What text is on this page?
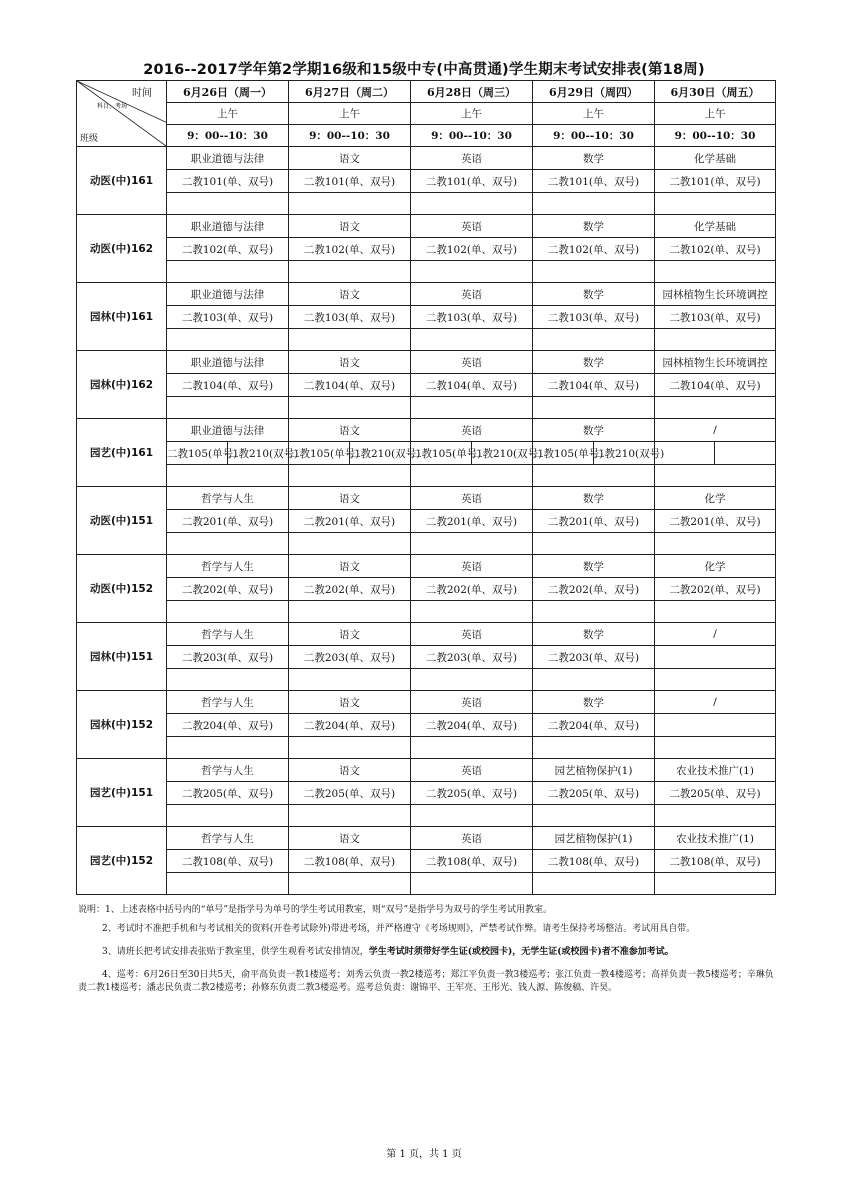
2016--2017学年第2学期16级和15级中专(中高贯通)学生期末考试安排表(第18周)
时间
科目、考场
班级	6月26日（周一）		6月27日（周二）		6月28日（周三）		6月29日（周四）		6月30日（周五）	
	上午		上午		上午		上午		上午	
	9：00--10：30		9：00--10：30		9：00--10：30		9：00--10：30		9：00--10：30	
动医(中)161	职业道德与法律		语文		英语		数学		化学基础	
	二教101(单、双号)		二教101(单、双号)		二教101(单、双号)		二教101(单、双号)		二教101(单、双号)	

动医(中)162	职业道德与法律		语文		英语		数学		化学基础	
	二教102(单、双号)		二教102(单、双号)		二教102(单、双号)		二教102(单、双号)		二教102(单、双号)	

园林(中)161	职业道德与法律		语文		英语		数学		园林植物生长环境调控	
	二教103(单、双号)		二教103(单、双号)		二教103(单、双号)		二教103(单、双号)		二教103(单、双号)	

园林(中)162	职业道德与法律		语文		英语		数学		园林植物生长环境调控	
	二教104(单、双号)		二教104(单、双号)		二教104(单、双号)		二教104(单、双号)		二教104(单、双号)	

园艺(中)161	职业道德与法律		语文		英语		数学		/	
	二教105(单号)	二教210(双号)	二教105(单号)	二教210(双号)	二教105(单号)	二教210(双号)	二教105(单号)	二教210(双号)		

动医(中)151	哲学与人生		语文		英语		数学		化学	
	二教201(单、双号)		二教201(单、双号)		二教201(单、双号)		二教201(单、双号)		二教201(单、双号)	

动医(中)152	哲学与人生		语文		英语		数学		化学	
	二教202(单、双号)		二教202(单、双号)		二教202(单、双号)		二教202(单、双号)		二教202(单、双号)	

园林(中)151	哲学与人生		语文		英语		数学		/	
	二教203(单、双号)		二教203(单、双号)		二教203(单、双号)		二教203(单、双号)			

园林(中)152	哲学与人生		语文		英语		数学		/	
	二教204(单、双号)		二教204(单、双号)		二教204(单、双号)		二教204(单、双号)			

园艺(中)151	哲学与人生		语文		英语		园艺植物保护(1)		农业技术推广(1)	
	二教205(单、双号)		二教205(单、双号)		二教205(单、双号)		二教205(单、双号)		二教205(单、双号)	

园艺(中)152	哲学与人生		语文		英语		园艺植物保护(1)		农业技术推广(1)	
	二教108(单、双号)		二教108(单、双号)		二教108(单、双号)		二教108(单、双号)		二教108(单、双号)	

说明：1、上述表格中括号内的“单号”是指学号为单号的学生考试用教室，则“双号”是指学号为双号的学生考试用教室。
2、考试时不准把手机和与考试相关的资料(开卷考试除外)带进考场，并严格遵守《考场规则》，严禁考试作弊。请考生保持考场整洁。考试用具自带。
3、请班长把考试安排表张贴于教室里，供学生观看考试安排情况，学生考试时须带好学生证(或校园卡)，无学生证(或校园卡)者不准参加考试。
4、巡考：6月26日至30日共5天，俞平高负责一教1楼巡考；刘秀云负责一教2楼巡考；郑江平负责一教3楼巡考；张江负责一教4楼巡考；高祥负责一教5楼巡考；辛琳负责二教1楼巡考；潘志民负责二教2楼巡考；孙修东负责二教3楼巡考。巡考总负责：谢锦平、王军亮、王彤光、钱人源、陈俊稿、许昊。
第 1 页，共 1 页
